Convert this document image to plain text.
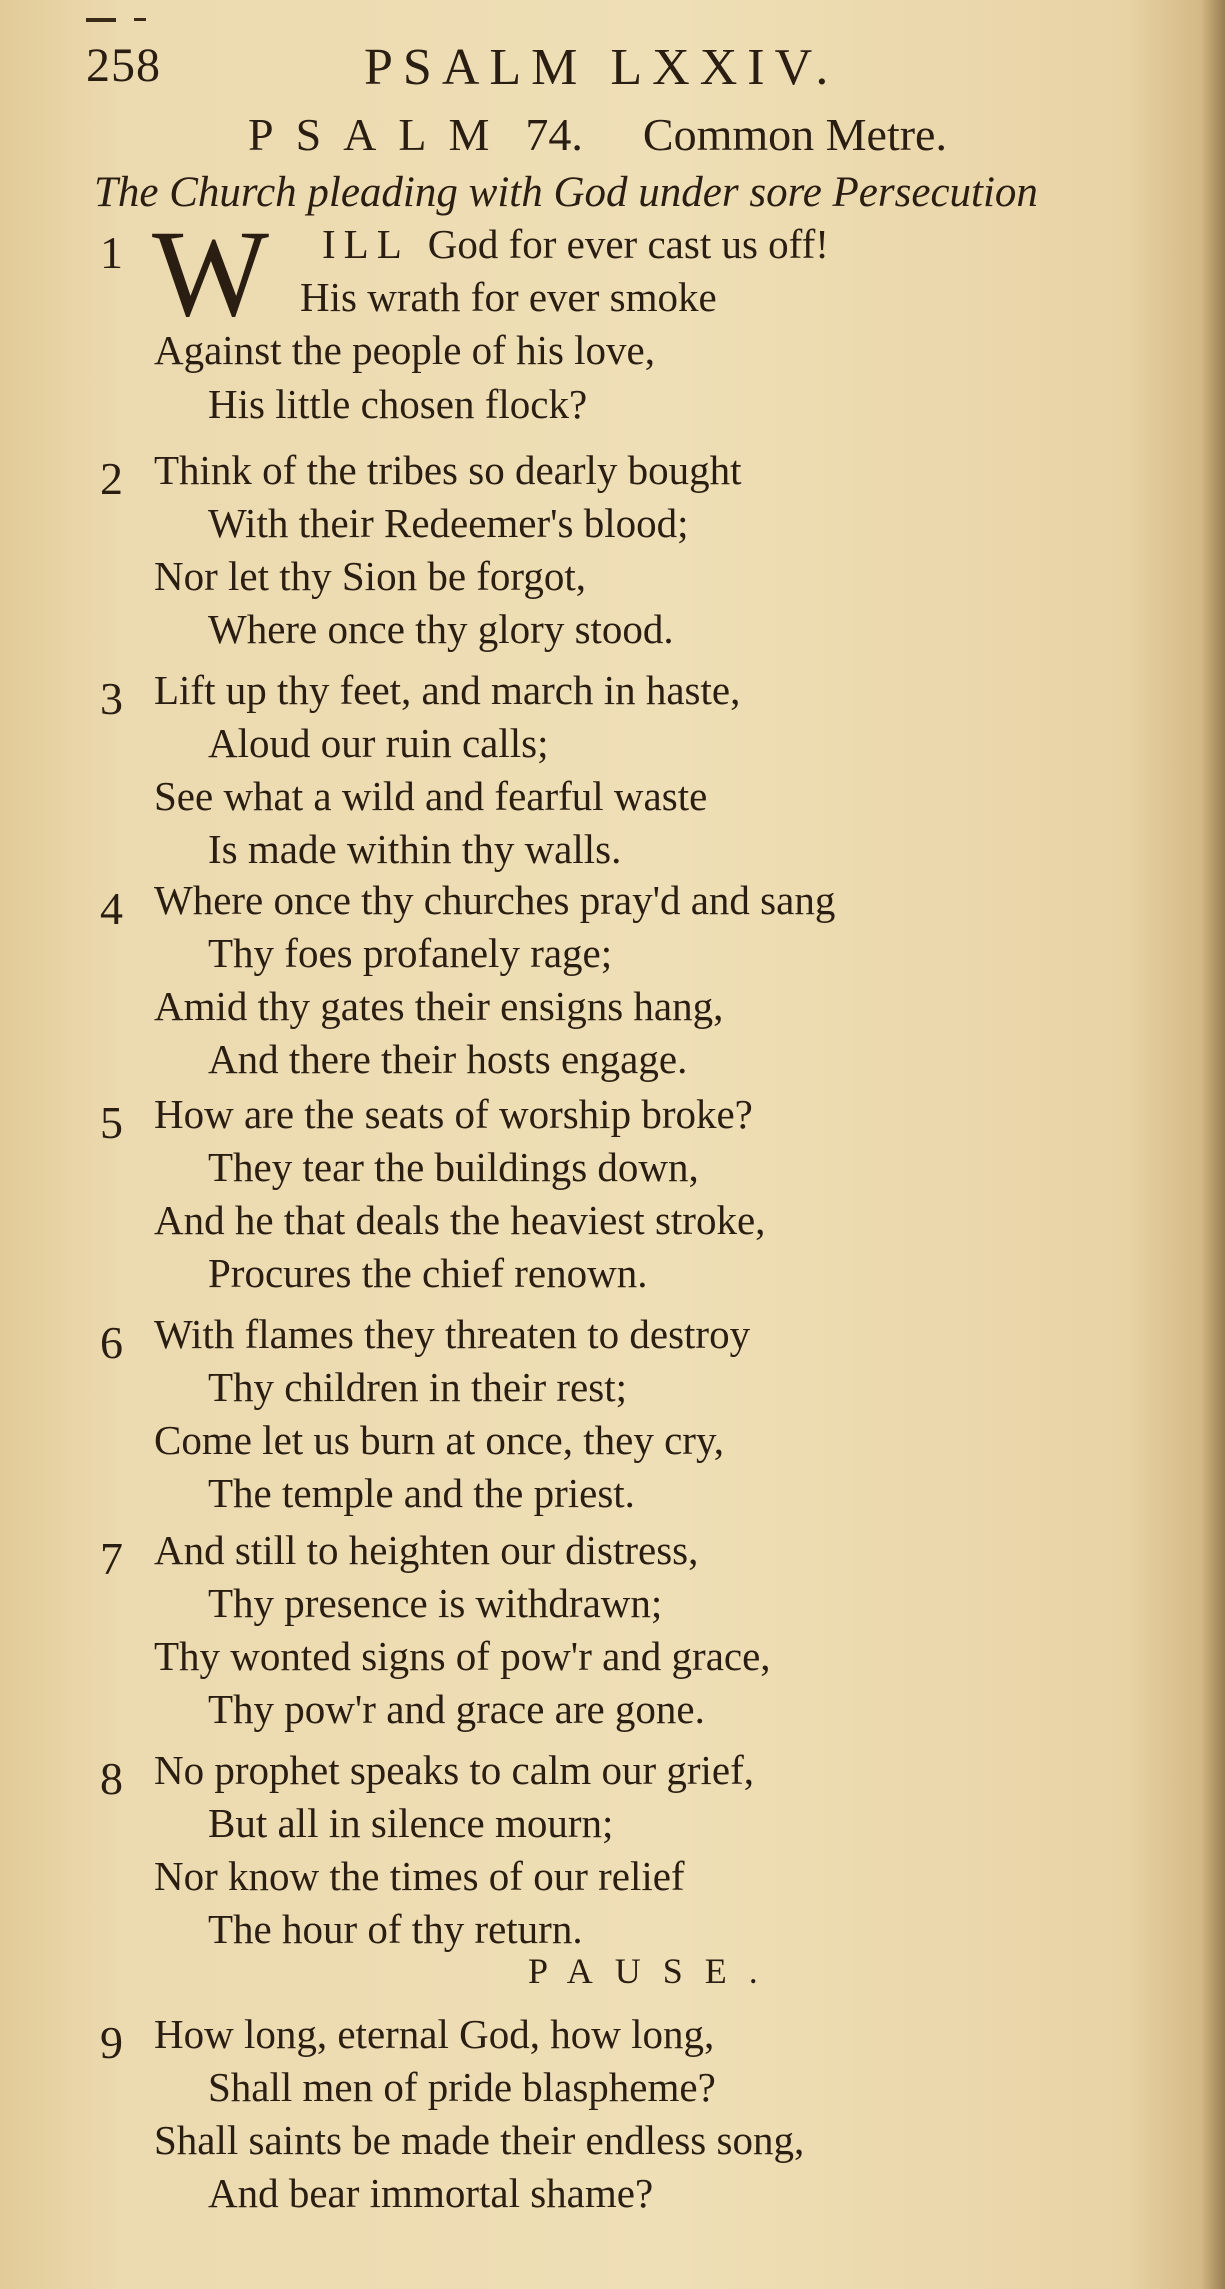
258	PSALM LXXIV.
PSALM 74. Common Metre.
The Church pleading with God under sore Persecution
1 W ILL God for ever cast us off!
His wrath for ever smoke
Against the people of his love,
His little chosen flock?
2 Think of the tribes so dearly bought
With their Redeemer's blood;
Nor let thy Sion be forgot,
Where once thy glory stood.
3 Lift up thy feet, and march in haste,
Aloud our ruin calls;
See what a wild and fearful waste
Is made within thy walls.
4 Where once thy churches pray'd and sang
Thy foes profanely rage;
Amid thy gates their ensigns hang,
And there their hosts engage.
5 How are the seats of worship broke?
They tear the buildings down,
And he that deals the heaviest stroke,
Procures the chief renown.
6 With flames they threaten to destroy
Thy children in their rest;
Come let us burn at once, they cry,
The temple and the priest.
7 And still to heighten our distress,
Thy presence is withdrawn;
Thy wonted signs of pow'r and grace,
Thy pow'r and grace are gone.
8 No prophet speaks to calm our grief,
But all in silence mourn;
Nor know the times of our relief
The hour of thy return.
9 How long, eternal God, how long,
Shall men of pride blaspheme?
Shall saints be made their endless song,
And bear immortal shame?
PAUSE.
